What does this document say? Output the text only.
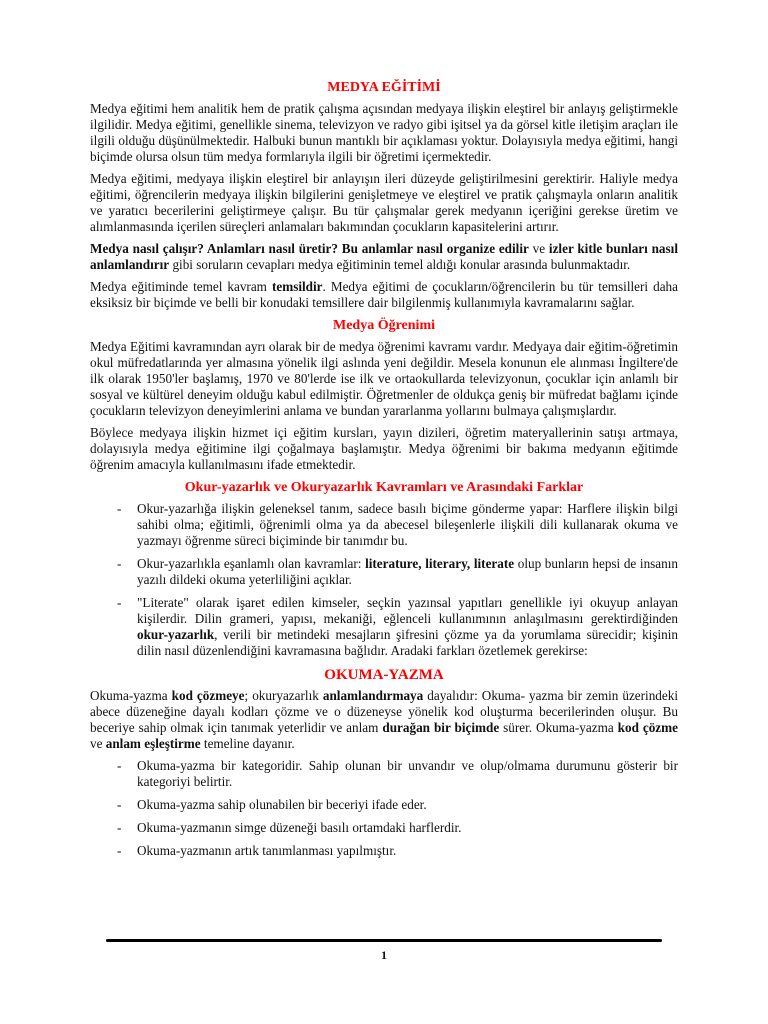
MEDYA EĞİTİMİ

Medya eğitimi hem analitik hem de pratik çalışma açısından medyaya ilişkin eleştirel bir anlayış geliştirmekle ilgilidir. Medya eğitimi, genellikle sinema, televizyon ve radyo gibi işitsel ya da görsel kitle iletişim araçları ile ilgili olduğu düşünülmektedir. Halbuki bunun mantıklı bir açıklaması yoktur. Dolayısıyla medya eğitimi, hangi biçimde olursa olsun tüm medya formlarıyla ilgili bir öğretimi içermektedir.

Medya eğitimi, medyaya ilişkin eleştirel bir anlayışın ileri düzeyde geliştirilmesini gerektirir. Haliyle medya eğitimi, öğrencilerin medyaya ilişkin bilgilerini genişletmeye ve eleştirel ve pratik çalışmayla onların analitik ve yaratıcı becerilerini geliştirmeye çalışır. Bu tür çalışmalar gerek medyanın içeriğini gerekse üretim ve alımlanmasında içerilen süreçleri anlamaları bakımından çocukların kapasitelerini artırır.

Medya nasıl çalışır? Anlamları nasıl üretir? Bu anlamlar nasıl organize edilir ve izler kitle bunları nasıl anlamlandırır gibi soruların cevapları medya eğitiminin temel aldığı konular arasında bulunmaktadır.

Medya eğitiminde temel kavram temsildir. Medya eğitimi de çocukların/öğrencilerin bu tür temsilleri daha eksiksiz bir biçimde ve belli bir konudaki temsillere dair bilgilenmiş kullanımıyla kavramalarını sağlar.

Medya Öğrenimi

Medya Eğitimi kavramından ayrı olarak bir de medya öğrenimi kavramı vardır. Medyaya dair eğitim-öğretimin okul müfredatlarında yer almasına yönelik ilgi aslında yeni değildir. Mesela konunun ele alınması İngiltere'de ilk olarak 1950'ler başlamış, 1970 ve 80'lerde ise ilk ve ortaokullarda televizyonun, çocuklar için anlamlı bir sosyal ve kültürel deneyim olduğu kabul edilmiştir. Öğretmenler de oldukça geniş bir müfredat bağlamı içinde çocukların televizyon deneyimlerini anlama ve bundan yararlanma yollarını bulmaya çalışmışlardır.

Böylece medyaya ilişkin hizmet içi eğitim kursları, yayın dizileri, öğretim materyallerinin satışı artmaya, dolayısıyla medya eğitimine ilgi çoğalmaya başlamıştır. Medya öğrenimi bir bakıma medyanın eğitimde öğrenim amacıyla kullanılmasını ifade etmektedir.

Okur-yazarlık ve Okuryazarlık Kavramları ve Arasındaki Farklar
- Okur-yazarlığa ilişkin geleneksel tanım, sadece basılı biçime gönderme yapar: Harflere ilişkin bilgi sahibi olma; eğitimli, öğrenimli olma ya da abecesel bileşenlerle ilişkili dili kullanarak okuma ve yazmayı öğrenme süreci biçiminde bir tanımdır bu.
- Okur-yazarlıkla eşanlamlı olan kavramlar: literature, literary, literate olup bunların hepsi de insanın yazılı dildeki okuma yeterliliğini açıklar.
- "Literate" olarak işaret edilen kimseler, seçkin yazınsal yapıtları genellikle iyi okuyup anlayan kişilerdir. Dilin grameri, yapısı, mekaniği, eğlenceli kullanımının anlaşılmasını gerektirdiğinden okur-yazarlık, verili bir metindeki mesajların şifresini çözme ya da yorumlama sürecidir; kişinin dilin nasıl düzenlendiğini kavramasına bağlıdır. Aradaki farkları özetlemek gerekirse:
OKUMA-YAZMA

Okuma-yazma kod çözmeye; okuryazarlık anlamlandırmaya dayalıdır: Okuma- yazma bir zemin üzerindeki abece düzeneğine dayalı kodları çözme ve o düzeneyse yönelik kod oluşturma becerilerinden oluşur. Bu beceriye sahip olmak için tanımak yeterlidir ve anlam durağan bir biçimde sürer. Okuma-yazma kod çözme ve anlam eşleştirme temeline dayanır.

- Okuma-yazma bir kategoridir. Sahip olunan bir unvandır ve olup/olmama durumunu gösterir bir kategoriyi belirtir.
- Okuma-yazma sahip olunabilen bir beceriyi ifade eder.
- Okuma-yazmanın simge düzeneği basılı ortamdaki harflerdir.
- Okuma-yazmanın artık tanımlanması yapılmıştır.
1
